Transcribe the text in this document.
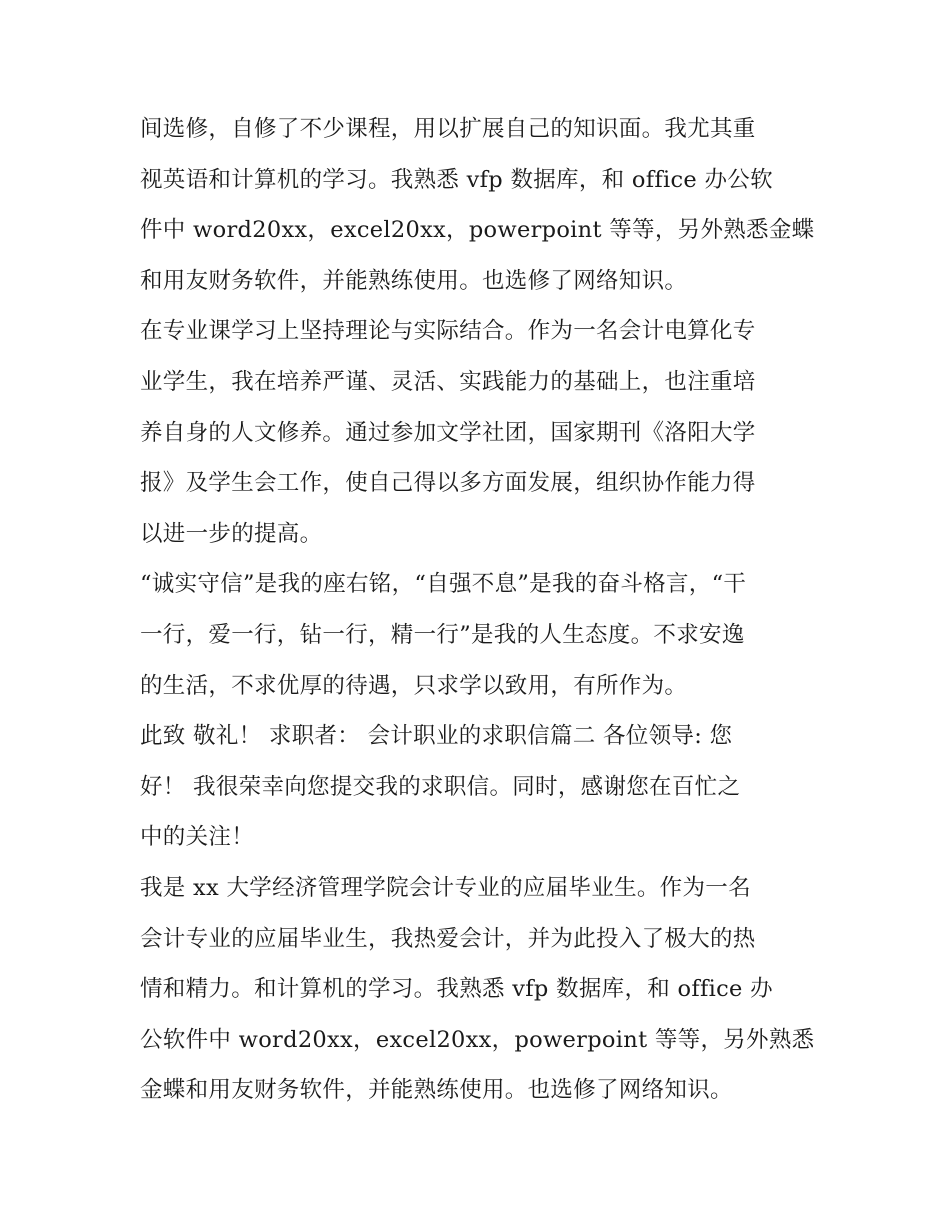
间选修，自修了不少课程，用以扩展自己的知识面。我尤其重
视英语和计算机的学习。我熟悉 vfp 数据库，和 office 办公软
件中 word20xx，excel20xx，powerpoint 等等，另外熟悉金蝶
和用友财务软件，并能熟练使用。也选修了网络知识。
在专业课学习上坚持理论与实际结合。作为一名会计电算化专
业学生，我在培养严谨、灵活、实践能力的基础上，也注重培
养自身的人文修养。通过参加文学社团，国家期刊《洛阳大学
报》及学生会工作，使自己得以多方面发展，组织协作能力得
以进一步的提高。
“诚实守信”是我的座右铭，“自强不息”是我的奋斗格言，“干
一行，爱一行，钻一行，精一行”是我的人生态度。不求安逸
的生活，不求优厚的待遇，只求学以致用，有所作为。
此致 敬礼！ 求职者： 会计职业的求职信篇二 各位领导: 您
好！ 我很荣幸向您提交我的求职信。同时，感谢您在百忙之
中的关注！
我是 xx 大学经济管理学院会计专业的应届毕业生。作为一名
会计专业的应届毕业生，我热爱会计，并为此投入了极大的热
情和精力。和计算机的学习。我熟悉 vfp 数据库，和 office 办
公软件中 word20xx，excel20xx，powerpoint 等等，另外熟悉
金蝶和用友财务软件，并能熟练使用。也选修了网络知识。
